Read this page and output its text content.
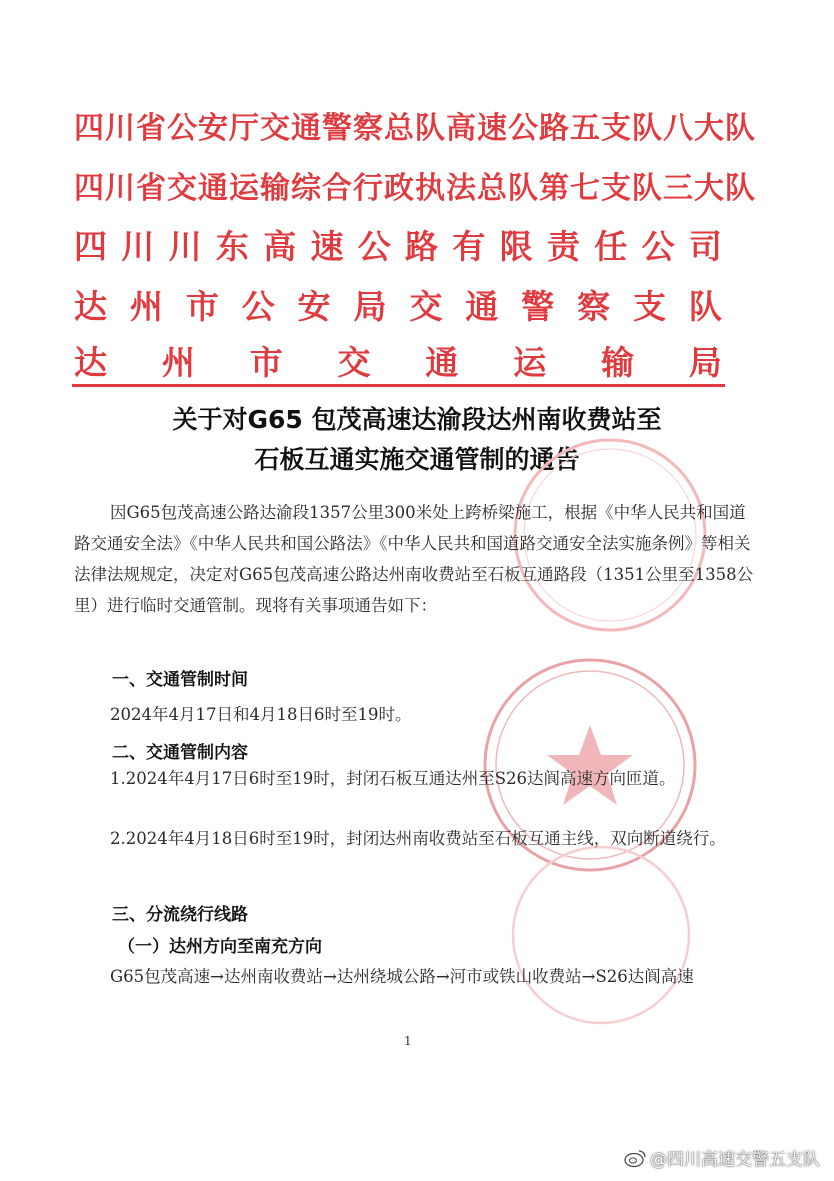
四 川 省 公 安 厅 交 通 警 察 总 队 高 速 公 路 五 支 队 八 大 队
四 川 省 交 通 运 输 综 合 行 政 执 法 总 队 第 七 支 队 三 大 队
四 川 川 东 高 速 公 路 有 限 责 任 公 司
达 州 市 公 安 局 交 通 警 察 支 队
达 州 市 交 通 运 输 局
关于对G65 包茂高速达渝段达州南收费站至
石板互通实施交通管制的通告
因G65包茂高速公路达渝段1357公里300米处上跨桥梁施工，根据《中华人民共和国道路交通安全法》《中华人民共和国公路法》《中华人民共和国道路交通安全法实施条例》等相关法律法规规定，决定对G65包茂高速公路达州南收费站至石板互通路段（1351公里至1358公里）进行临时交通管制。现将有关事项通告如下：
一、交通管制时间
2024年4月17日和4月18日6时至19时。
二、交通管制内容
1.2024年4月17日6时至19时，封闭石板互通达州至S26达阆高速方向匝道。
2.2024年4月18日6时至19时，封闭达州南收费站至石板互通主线，双向断道绕行。
三、分流绕行线路
（一）达州方向至南充方向
G65包茂高速→达州南收费站→达州绕城公路→河市或铁山收费站→S26达阆高速
1
@四川高速交警五支队
